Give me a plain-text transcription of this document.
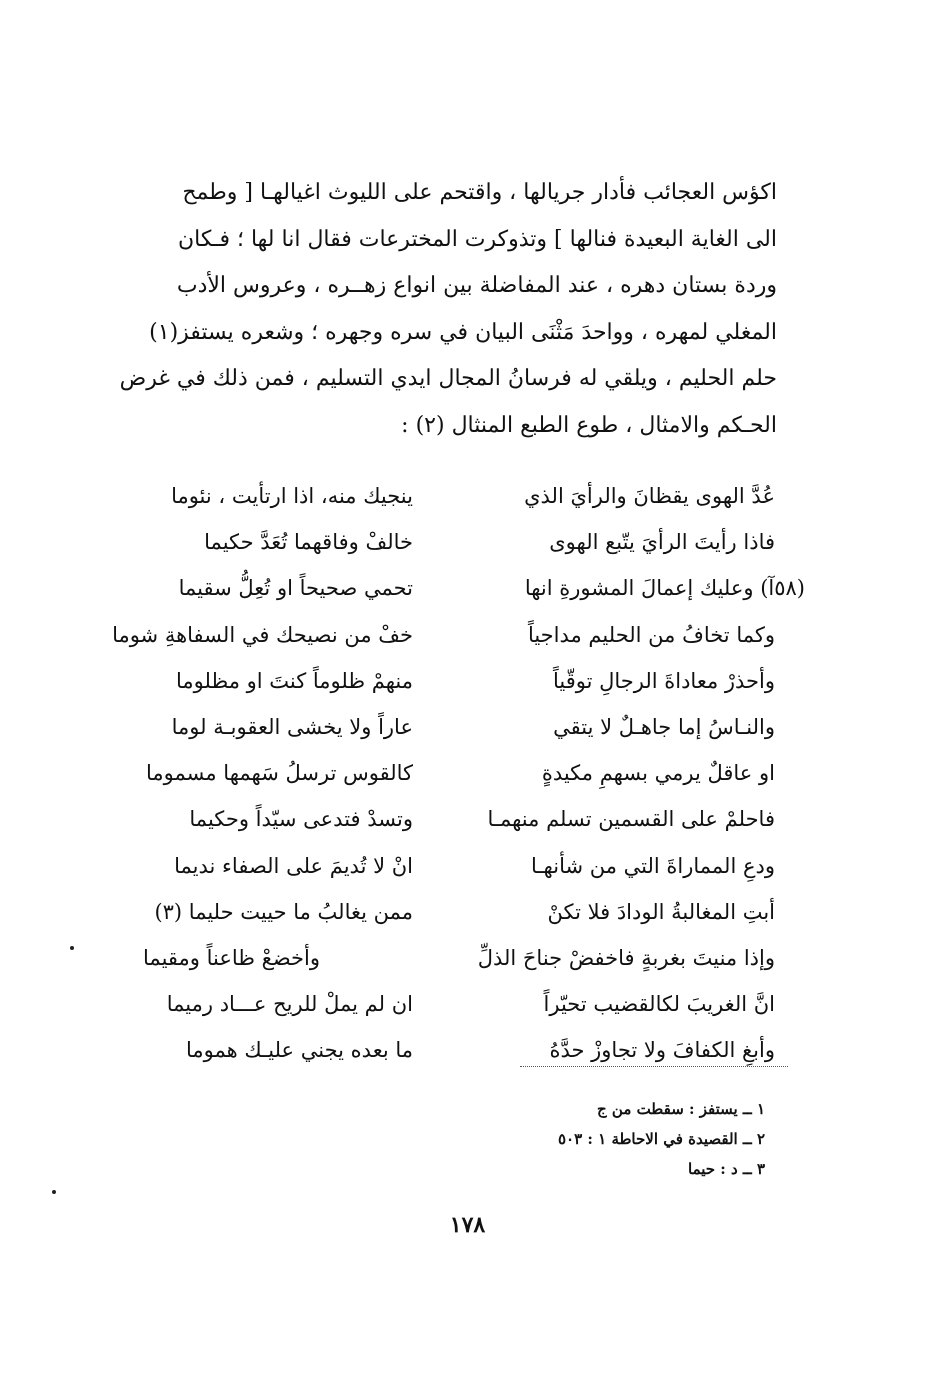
اكؤس العجائب فأدار جريالها ، واقتحم على الليوث اغيالهـا [ وطمح
الى الغاية البعيدة فنالها ] وتذوكرت المخترعات فقال انا لها ؛ فـكان
وردة بستان دهره ، عند المفاضلة بين انواع زهــره ، وعروس الأدب
المغلي لمهره ، وواحدَ مَثْنَى البيان في سره وجهره ؛ وشعره يستفز(١)
حلم الحليم ، ويلقي له فرسانُ المجال ايدي التسليم ، فمن ذلك في غرض
الحـكم والامثال ، طوع الطبع المنثال (٢) :
عُدَّ الهوى يقظانَ والرأيَ الذي
ينجيك منه، اذا ارتأيت ، نئوما
فاذا رأيتَ الرأيَ يتّبع الهوى
خالفْ وفاقهما تُعَدَّ حكيما
(٥٨آ) وعليك إعمالَ المشورةِ انها
تحمي صحيحاً او تُعِلُّ سقيما
وكما تخافُ من الحليم مداجياً
خفْ من نصيحك في السفاهةِ شوما
وأحذرْ معاداةَ الرجالِ توقّياً
منهمْ ظلوماً كنتَ او مظلوما
والنـاسُ إما جاهـلٌ لا يتقي
عاراً ولا يخشى العقوبـة لوما
او عاقلٌ يرمي بسهمِ مكيدةٍ
كالقوس ترسلُ سَهمها مسموما
فاحلمْ على القسمين تسلم منهمـا
وتسدْ فتدعى سيّداً وحكيما
ودعِ المماراةَ التي من شأنهـا
انْ لا تُديمَ على الصفاء نديما
أبتِ المغالبةُ الودادَ فلا تكنْ
ممن يغالبُ ما حييت حليما (٣)
وإذا منيتَ بغربةٍ فاخفضْ جناحَ الذلِّ
وأخضعْ ظاعناً ومقيما
انَّ الغريبَ لكالقضيب تحيّراً
ان لم يملْ للريح عـــاد رميما
وأبغِ الكفافَ ولا تجاوزْ حدَّهُ
ما بعده يجني عليـك هموما
١ ــ يستفز : سقطت من ج
٢ ــ القصيدة في الاحاطة ١ : ٥٠٣
٣ ــ د : حيما
١٧٨
